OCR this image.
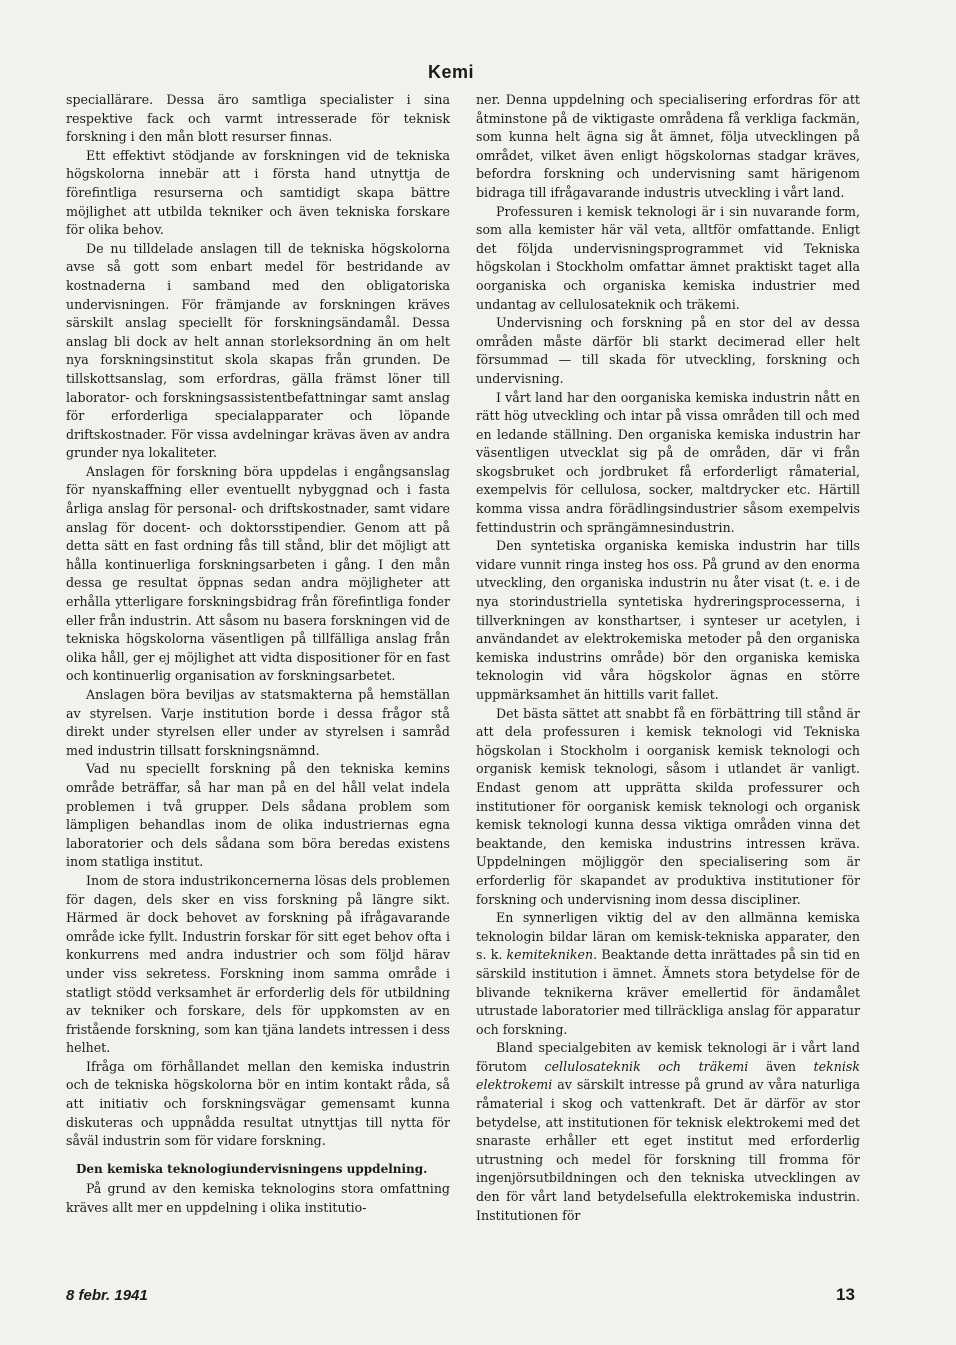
Kemi

speciallärare. Dessa äro samtliga specialister i sina respektive fack och varmt intresserade för teknisk forskning i den mån blott resurser finnas.

Ett effektivt stödjande av forskningen vid de tekniska högskolorna innebär att i första hand utnyttja de förefintliga resurserna och samtidigt skapa bättre möjlighet att utbilda tekniker och även tekniska forskare för olika behov.

De nu tilldelade anslagen till de tekniska högskolorna avse så gott som enbart medel för bestridande av kostnaderna i samband med den obligatoriska undervisningen. För främjande av forskningen kräves särskilt anslag speciellt för forskningsändamål. Dessa anslag bli dock av helt annan storleksordning än om helt nya forskningsinstitut skola skapas från grunden. De tillskottsanslag, som erfordras, gälla främst löner till laborator- och forskningsassistentbefattningar samt anslag för erforderliga specialapparater och löpande driftskostnader. För vissa avdelningar krävas även av andra grunder nya lokaliteter.

Anslagen för forskning böra uppdelas i engångsanslag för nyanskaffning eller eventuellt nybyggnad och i fasta årliga anslag för personal- och driftskostnader, samt vidare anslag för docent- och doktorsstipendier. Genom att på detta sätt en fast ordning fås till stånd, blir det möjligt att hålla kontinuerliga forskningsarbeten i gång. I den mån dessa ge resultat öppnas sedan andra möjligheter att erhålla ytterligare forskningsbidrag från förefintliga fonder eller från industrin. Att såsom nu basera forskningen vid de tekniska högskolorna väsentligen på tillfälliga anslag från olika håll, ger ej möjlighet att vidta dispositioner för en fast och kontinuerlig organisation av forskningsarbetet.

Anslagen böra beviljas av statsmakterna på hemställan av styrelsen. Varje institution borde i dessa frågor stå direkt under styrelsen eller under av styrelsen i samråd med industrin tillsatt forskningsnämnd.

Vad nu speciellt forskning på den tekniska kemins område beträffar, så har man på en del håll velat indela problemen i två grupper. Dels sådana problem som lämpligen behandlas inom de olika industriernas egna laboratorier och dels sådana som böra beredas existens inom statliga institut.

Inom de stora industrikoncernerna lösas dels problemen för dagen, dels sker en viss forskning på längre sikt. Härmed är dock behovet av forskning på ifrågavarande område icke fyllt. Industrin forskar för sitt eget behov ofta i konkurrens med andra industrier och som följd härav under viss sekretess. Forskning inom samma område i statligt stödd verksamhet är erforderlig dels för utbildning av tekniker och forskare, dels för uppkomsten av en fristående forskning, som kan tjäna landets intressen i dess helhet.

Ifråga om förhållandet mellan den kemiska industrin och de tekniska högskolorna bör en intim kontakt råda, så att initiativ och forskningsvägar gemensamt kunna diskuteras och uppnådda resultat utnyttjas till nytta för såväl industrin som för vidare forskning.

Den kemiska teknologiundervisningens uppdelning.

På grund av den kemiska teknologins stora omfattning kräves allt mer en uppdelning i olika institutio-

ner. Denna uppdelning och specialisering erfordras för att åtminstone på de viktigaste områdena få verkliga fackmän, som kunna helt ägna sig åt ämnet, följa utvecklingen på området, vilket även enligt högskolornas stadgar kräves, befordra forskning och undervisning samt härigenom bidraga till ifrågavarande industris utveckling i vårt land.

Professuren i kemisk teknologi är i sin nuvarande form, som alla kemister här väl veta, alltför omfattande. Enligt det följda undervisningsprogrammet vid Tekniska högskolan i Stockholm omfattar ämnet praktiskt taget alla oorganiska och organiska kemiska industrier med undantag av cellulosateknik och träkemi.

Undervisning och forskning på en stor del av dessa områden måste därför bli starkt decimerad eller helt försummad — till skada för utveckling, forskning och undervisning.

I vårt land har den oorganiska kemiska industrin nått en rätt hög utveckling och intar på vissa områden till och med en ledande ställning. Den organiska kemiska industrin har väsentligen utvecklat sig på de områden, där vi från skogsbruket och jordbruket få erforderligt råmaterial, exempelvis för cellulosa, socker, maltdrycker etc. Härtill komma vissa andra förädlingsindustrier såsom exempelvis fettindustrin och sprängämnesindustrin.

Den syntetiska organiska kemiska industrin har tills vidare vunnit ringa insteg hos oss. På grund av den enorma utveckling, den organiska industrin nu åter visat (t. e. i de nya storindustriella syntetiska hydreringsprocesserna, i tillverkningen av konsthartser, i synteser ur acetylen, i användandet av elektrokemiska metoder på den organiska kemiska industrins område) bör den organiska kemiska teknologin vid våra högskolor ägnas en större uppmärksamhet än hittills varit fallet.

Det bästa sättet att snabbt få en förbättring till stånd är att dela professuren i kemisk teknologi vid Tekniska högskolan i Stockholm i oorganisk kemisk teknologi och organisk kemisk teknologi, såsom i utlandet är vanligt. Endast genom att upprätta skilda professurer och institutioner för oorganisk kemisk teknologi och organisk kemisk teknologi kunna dessa viktiga områden vinna det beaktande, den kemiska industrins intressen kräva. Uppdelningen möjliggör den specialisering som är erforderlig för skapandet av produktiva institutioner för forskning och undervisning inom dessa discipliner.

En synnerligen viktig del av den allmänna kemiska teknologin bildar läran om kemisk-tekniska apparater, den s. k. kemitekniken. Beaktande detta inrättades på sin tid en särskild institution i ämnet. Ämnets stora betydelse för de blivande teknikerna kräver emellertid för ändamålet utrustade laboratorier med tillräckliga anslag för apparatur och forskning.

Bland specialgebiten av kemisk teknologi är i vårt land förutom cellulosateknik och träkemi även teknisk elektrokemi av särskilt intresse på grund av våra naturliga råmaterial i skog och vattenkraft. Det är därför av stor betydelse, att institutionen för teknisk elektrokemi med det snaraste erhåller ett eget institut med erforderlig utrustning och medel för forskning till fromma för ingenjörsutbildningen och den tekniska utvecklingen av den för vårt land betydelsefulla elektrokemiska industrin. Institutionen för

8 febr. 1941	13
